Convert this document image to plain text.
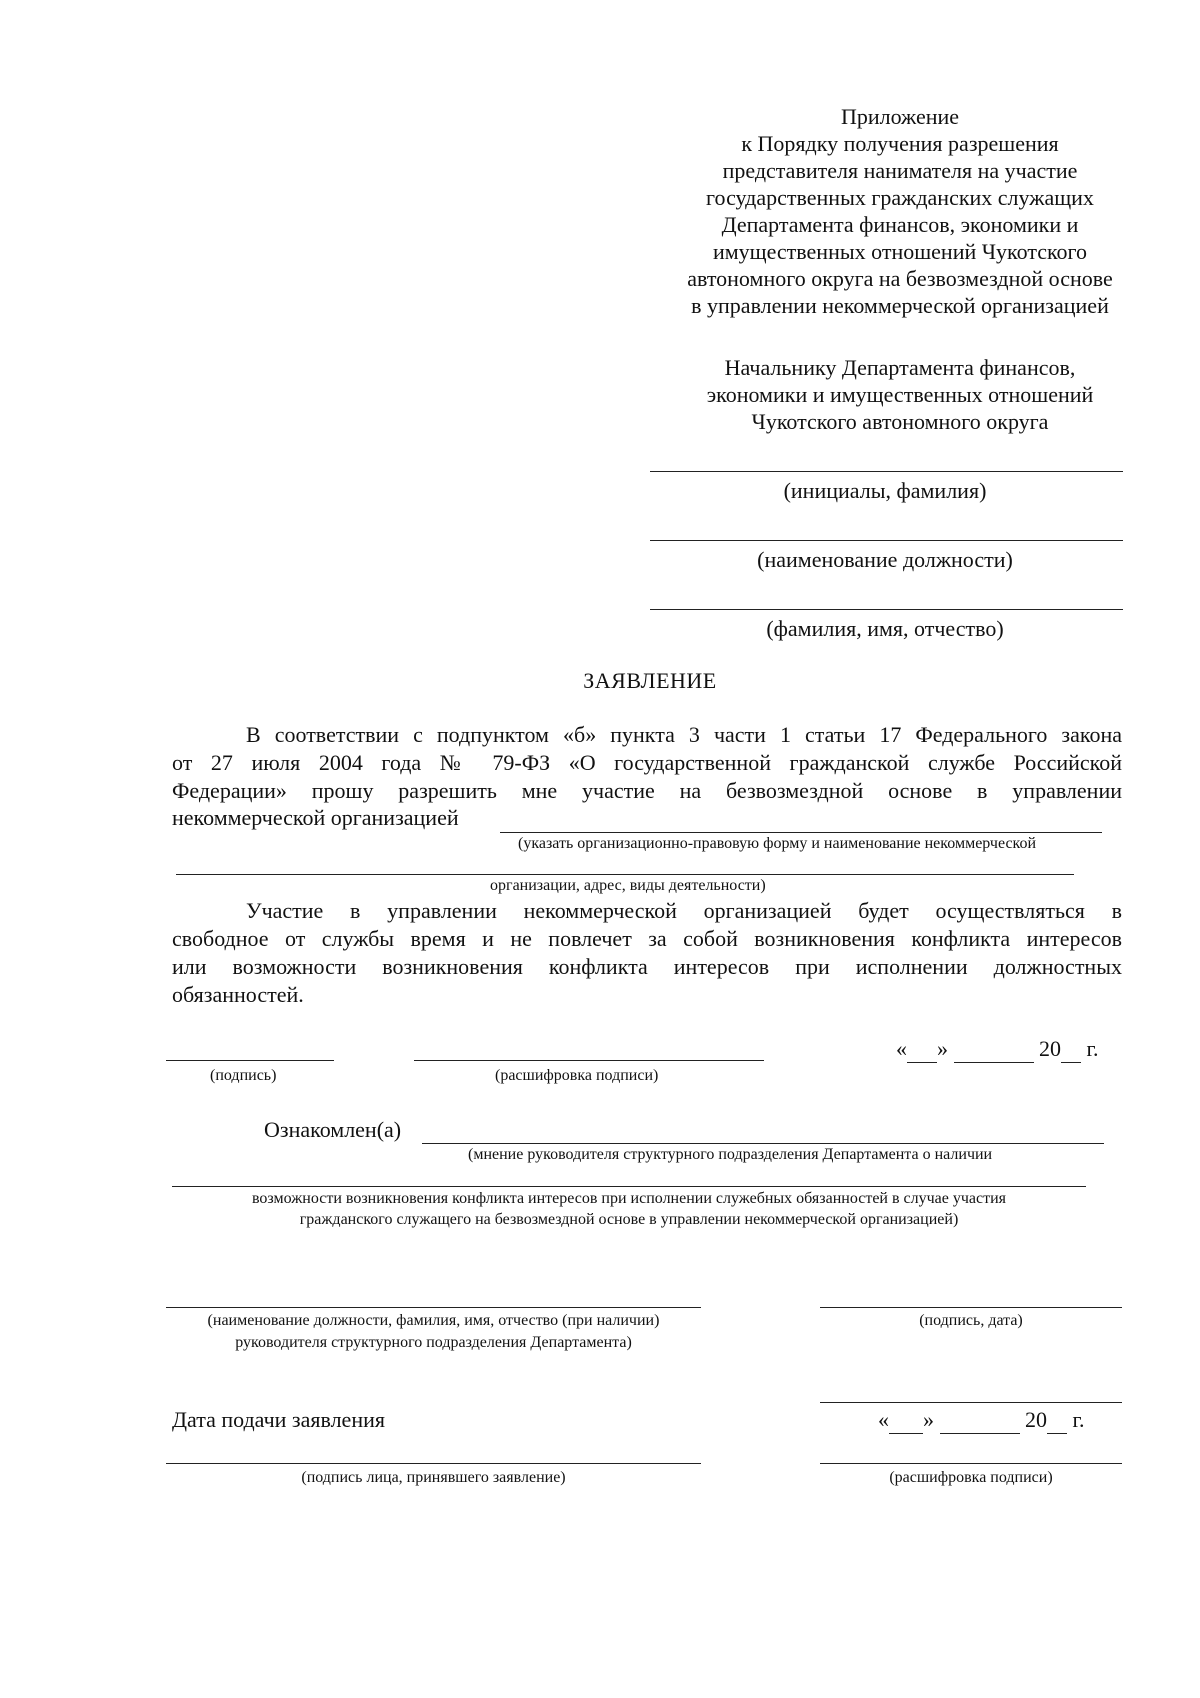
Приложение
к Порядку получения разрешения
представителя нанимателя на участие
государственных гражданских служащих
Департамента финансов, экономики и
имущественных отношений Чукотского
автономного округа на безвозмездной основе
в управлении некоммерческой организацией
Начальнику Департамента финансов,
экономики и имущественных отношений
Чукотского автономного округа
(инициалы, фамилия)
(наименование должности)
(фамилия, имя, отчество)
ЗАЯВЛЕНИЕ
В соответствии с подпунктом «б» пункта 3 части 1 статьи 17 Федерального закона
от 27 июля 2004 года № 79-ФЗ «О государственной гражданской службе Российской
Федерации» прошу разрешить мне участие на безвозмездной основе в управлении
некоммерческой организацией
(указать организационно-правовую форму и наименование некоммерческой
организации, адрес, виды деятельности)
Участие в управлении некоммерческой организацией будет осуществляться в
свободное от службы время и не повлечет за собой возникновения конфликта интересов
или возможности возникновения конфликта интересов при исполнении должностных
обязанностей.
(подпись)	(расшифровка подписи)
« »	20 г.
Ознакомлен(а)
(мнение руководителя структурного подразделения Департамента о наличии
возможности возникновения конфликта интересов при исполнении служебных обязанностей в случае участия
гражданского служащего на безвозмездной основе в управлении некоммерческой организацией)
(наименование должности, фамилия, имя, отчество (при наличии)
руководителя структурного подразделения Департамента)
(подпись, дата)
Дата подачи заявления	« »	20 г.
(подпись лица, принявшего заявление)	(расшифровка подписи)
